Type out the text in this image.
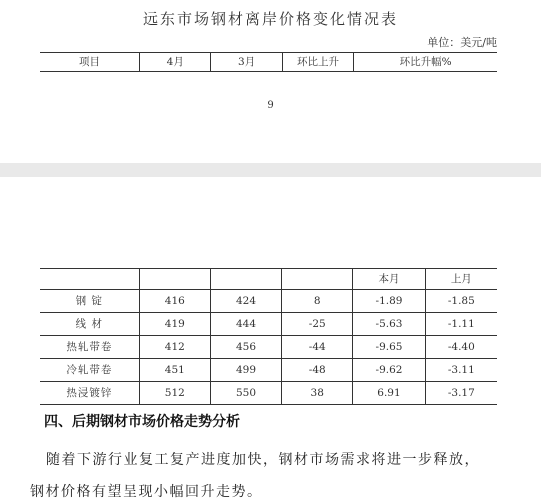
远东市场钢材离岸价格变化情况表
单位：美元/吨
项目	4月	3月	环比上升	环比升幅%
9
				本月	上月
钢 锭	416	424	8	-1.89	-1.85
线 材	419	444	-25	-5.63	-1.11
热轧带卷	412	456	-44	-9.65	-4.40
冷轧带卷	451	499	-48	-9.62	-3.11
热浸镀锌	512	550	38	6.91	-3.17
四、后期钢材市场价格走势分析
随着下游行业复工复产进度加快，钢材市场需求将进一步释放，
钢材价格有望呈现小幅回升走势。
